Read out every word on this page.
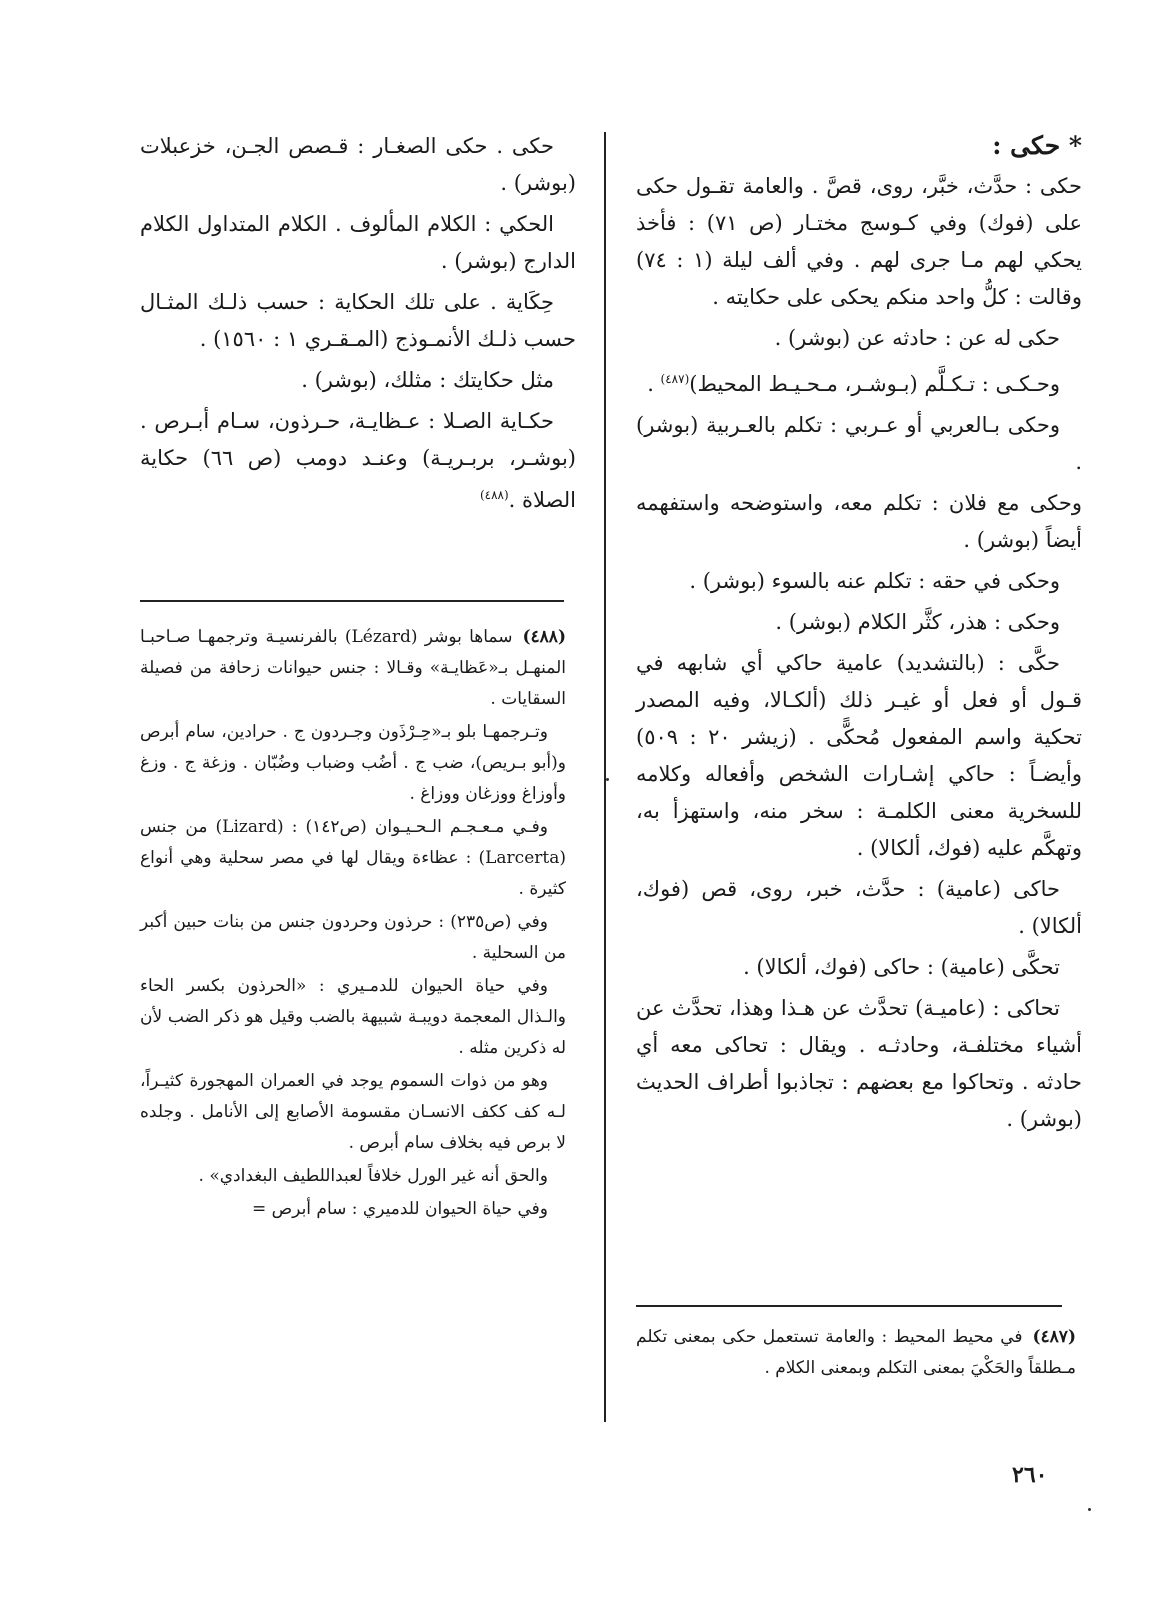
* حكى :

حكى : حدَّث، خبَّر، روى، قصَّ . والعامة تقـول حكى على (فوك) وفي كـوسج مختـار (ص ٧١) : فأخذ يحكي لهم مـا جرى لهم . وفي ألف ليلة (١ : ٧٤) وقالت : كلُّ واحد منكم يحكى على حكايته .

حكى له عن : حادثه عن (بوشر) .

وحـكـى : تـكـلَّم (بـوشـر، مـحـيـط المحيط)$^{(٤٨٧)}$ .

وحكى بـالعربي أو عـربي : تكلم بالعـربية (بوشر) .

وحكى مع فلان : تكلم معه، واستوضحه واستفهمه أيضاً (بوشر) .

وحكى في حقه : تكلم عنه بالسوء (بوشر) .

وحكى : هذر، كثَّر الكلام (بوشر) .

حكَّى : (بالتشديد) عامية حاكي أي شابهه في قـول أو فعل أو غيـر ذلك (ألكـالا، وفيه المصدر تحكية واسم المفعول مُحكًّى . (زيشر ٢٠ : ٥٠٩) وأيضـاً : حاكي إشـارات الشخص وأفعاله وكلامه للسخرية معنى الكلمـة : سخر منه، واستهزأ به، وتهكَّم عليه (فوك، ألكالا) .

حاكى (عامية) : حدَّث، خبر، روى، قص (فوك، ألكالا) .

تحكَّى (عامية) : حاكى (فوك، ألكالا) .

تحاكى : (عاميـة) تحدَّث عن هـذا وهذا، تحدَّث عن أشياء مختلفـة، وحادثـه . ويقال : تحاكى معه أي حادثه . وتحاكوا مع بعضهم : تجاذبوا أطراف الحديث (بوشر) .

حكى . حكى الصغـار : قـصص الجـن، خزعبلات (بوشر) .

الحكي : الكلام المألوف . الكلام المتداول الكلام الدارج (بوشر) .

حِكَاية . على تلك الحكاية : حسب ذلـك المثـال حسب ذلـك الأنمـوذج (المـقـري ١ : ١٥٦٠) .

مثل حكايتك : مثلك، (بوشر) .

حكـاية الصـلا : عـظايـة، حـرذون، سـام أبـرص . (بوشـر، بربـريـة) وعنـد دومب (ص ٦٦) حكاية الصلاة .$^{(٤٨٨)}$

(٤٨٨)سماها بوشر (Lézard) بالفرنسيـة وترجمهـا صـاحبـا المنهـل بـ«عَظايـة» وقـالا : جنس حيوانات زحافة من فصيلة السقايات .

وتـرجمهـا بلو بـ«حِـرْذَون وجـردون ج . حرادين، سام أبرص و(أبو بـريص)، ضب ج . أضُب وضباب وضُبّان . وزغة ج . وزغ وأوزاغ ووزغان ووزاغ .

وفـي مـعـجـم الـحـيـوان (ص١٤٢) : (Lizard) من جنس (Larcerta) : عظاءة ويقال لها في مصر سحلية وهي أنواع كثيرة .

وفي (ص٢٣٥) : حرذون وحردون جنس من بنات حبين أكبر من السحلية .

وفي حياة الحيوان للدمـيري : «الحرذون بكسر الحاء والـذال المعجمة دويبـة شبيهة بالضب وقيل هو ذكر الضب لأن له ذكرين مثله .

وهو من ذوات السموم يوجد في العمران المهجورة كثيـراً، لـه كف ككف الانسـان مقسومة الأصابع إلى الأنامل . وجلده لا برص فيه بخلاف سام أبرص .

والحق أنه غير الورل خلافاً لعبداللطيف البغدادي» .

وفي حياة الحيوان للدميري : سام أبرص =

(٤٨٧)في محيط المحيط : والعامة تستعمل حكى بمعنى تكلم مـطلقاً والحَكْيَ بمعنى التكلم وبمعنى الكلام .

٢٦٠
